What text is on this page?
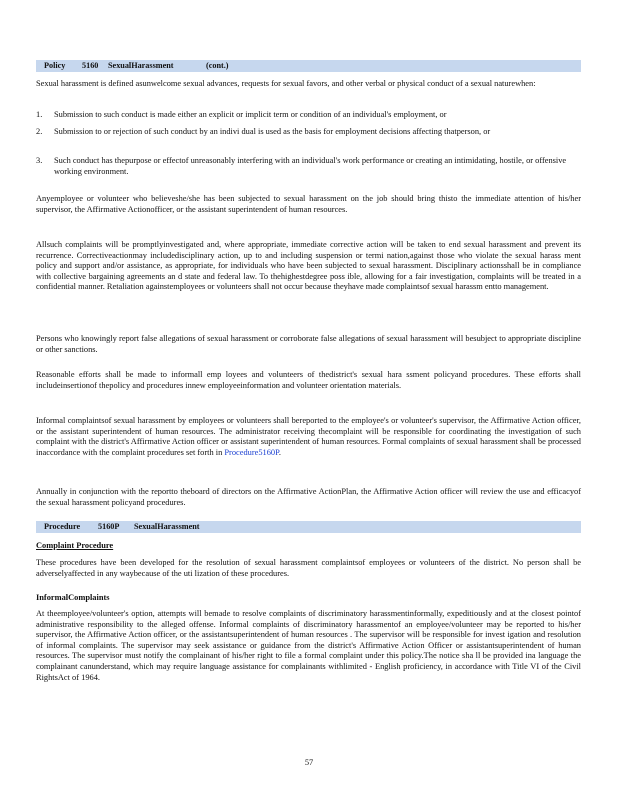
Policy 5160 SexualHarassment	(cont.)

Sexual harassment is defined asunwelcome sexual advances, requests for sexual favors, and other verbal or physical conduct of a sexual naturewhen:

1. Submission to such conduct is made either an explicit or implicit term or condition of an individual's employment, or
2. Submission to or rejection of such conduct by an indivi dual is used as the basis for employment decisions affecting thatperson, or
3. Such conduct has thepurpose or effectof unreasonably interfering with an individual's work performance or creating an intimidating, hostile, or offensive working environment.

Anyemployee or volunteer who believeshe/she has been subjected to sexual harassment on the job should bring thisto the immediate attention of his/her supervisor, the Affirmative Actionofficer, or the assistant superintendent of human resources.

Allsuch complaints will be promptlyinvestigated and, where appropriate, immediate corrective action will be taken to end sexual harassment and prevent its recurrence. Correctiveactionmay includedisciplinary action, up to and including suspension or termi nation,against those who violate the sexual harass ment policy and support and/or assistance, as appropriate, for individuals who have been subjected to sexual harassment. Disciplinary actionsshall be in compliance with collective bargaining agreements an d state and federal law. To thehighestdegree poss ible, allowing for a fair investigation, complaints will be treated in a confidential manner. Retaliation againstemployees or volunteers shall not occur because theyhave made complaintsof sexual harassm entto management.

Persons who knowingly report false allegations of sexual harassment or corroborate false allegations of sexual harassment will besubject to appropriate discipline or other sanctions.

Reasonable efforts shall be made to informall emp loyees and volunteers of thedistrict's sexual hara ssment policyand procedures. These efforts shall includeinsertionof thepolicy and procedures innew employeeinformation and volunteer orientation materials.

Informal complaintsof sexual harassment by employees or volunteers shall bereported to the employee's or volunteer's supervisor, the Affirmative Action officer, or the assistant superintendent of human resources. The administrator receiving thecomplaint will be responsible for coordinating the investigation of such complaint with the district's Affirmative Action officer or assistant superintendent of human resources. Formal complaints of sexual harassment shall be processed inaccordance with the complaint procedures set forth in Procedure5160P.

Annually in conjunction with the reportto theboard of directors on the Affirmative ActionPlan, the Affirmative Action officer will review the use and efficacyof the sexual harassment policyand procedures.

Procedure 5160P SexualHarassment
Complaint Procedure

These procedures have been developed for the resolution of sexual harassment complaintsof employees or volunteers of the district. No person shall be adverselyaffected in any waybecause of the uti lization of these procedures.

InformalComplaints

At theemployee/volunteer's option, attempts will bemade to resolve complaints of discriminatory harassmentinformally, expeditiously and at the closest pointof administrative responsibility to the alleged offense. Informal complaints of discriminatory harassmentof an employee/volunteer may be reported to his/her supervisor, the Affirmative Action officer, or the assistantsuperintendent of human resources . The supervisor will be responsible for invest igation and resolution of informal complaints. The supervisor may seek assistance or guidance from the district's Affirmative Action Officer or assistantsuperintendent of human resources. The supervisor must notify the complainant of his/her right to file a formal complaint under this policy.The notice sha ll be provided ina language the complainant canunderstand, which may require language assistance for complainants withlimited - English proficiency, in accordance with Title VI of the Civil RightsAct of 1964.

57
